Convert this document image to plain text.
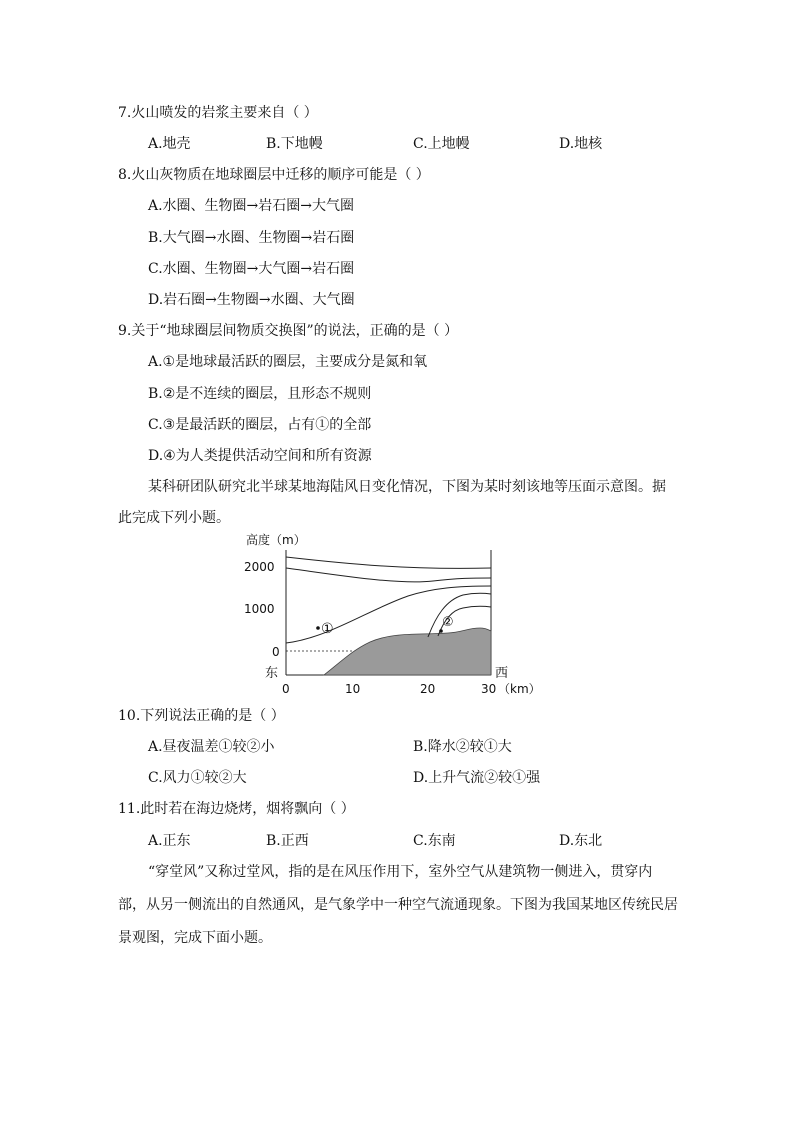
7.火山喷发的岩浆主要来自（ ）
A.地壳	B.下地幔	C.上地幔	D.地核
8.火山灰物质在地球圈层中迁移的顺序可能是（ ）
A.水圈、生物圈→岩石圈→大气圈
B.大气圈→水圈、生物圈→岩石圈
C.水圈、生物圈→大气圈→岩石圈
D.岩石圈→生物圈→水圈、大气圈
9.关于“地球圈层间物质交换图”的说法，正确的是（ ）
A.①是地球最活跃的圈层，主要成分是氮和氧
B.②是不连续的圈层，且形态不规则
C.③是最活跃的圈层，占有①的全部
D.④为人类提供活动空间和所有资源
某科研团队研究北半球某地海陆风日变化情况，下图为某时刻该地等压面示意图。据此完成下列小题。
高度（m）
2000
1000
0
①	②
东	西
0	10	20	30 （km）
10.下列说法正确的是（ ）
A.昼夜温差①较②小	B.降水②较①大
C.风力①较②大	D.上升气流②较①强
11.此时若在海边烧烤，烟将飘向（ ）
A.正东	B.正西	C.东南	D.东北
“穿堂风”又称过堂风，指的是在风压作用下，室外空气从建筑物一侧进入，贯穿内部，从另一侧流出的自然通风，是气象学中一种空气流通现象。下图为我国某地区传统民居景观图，完成下面小题。
